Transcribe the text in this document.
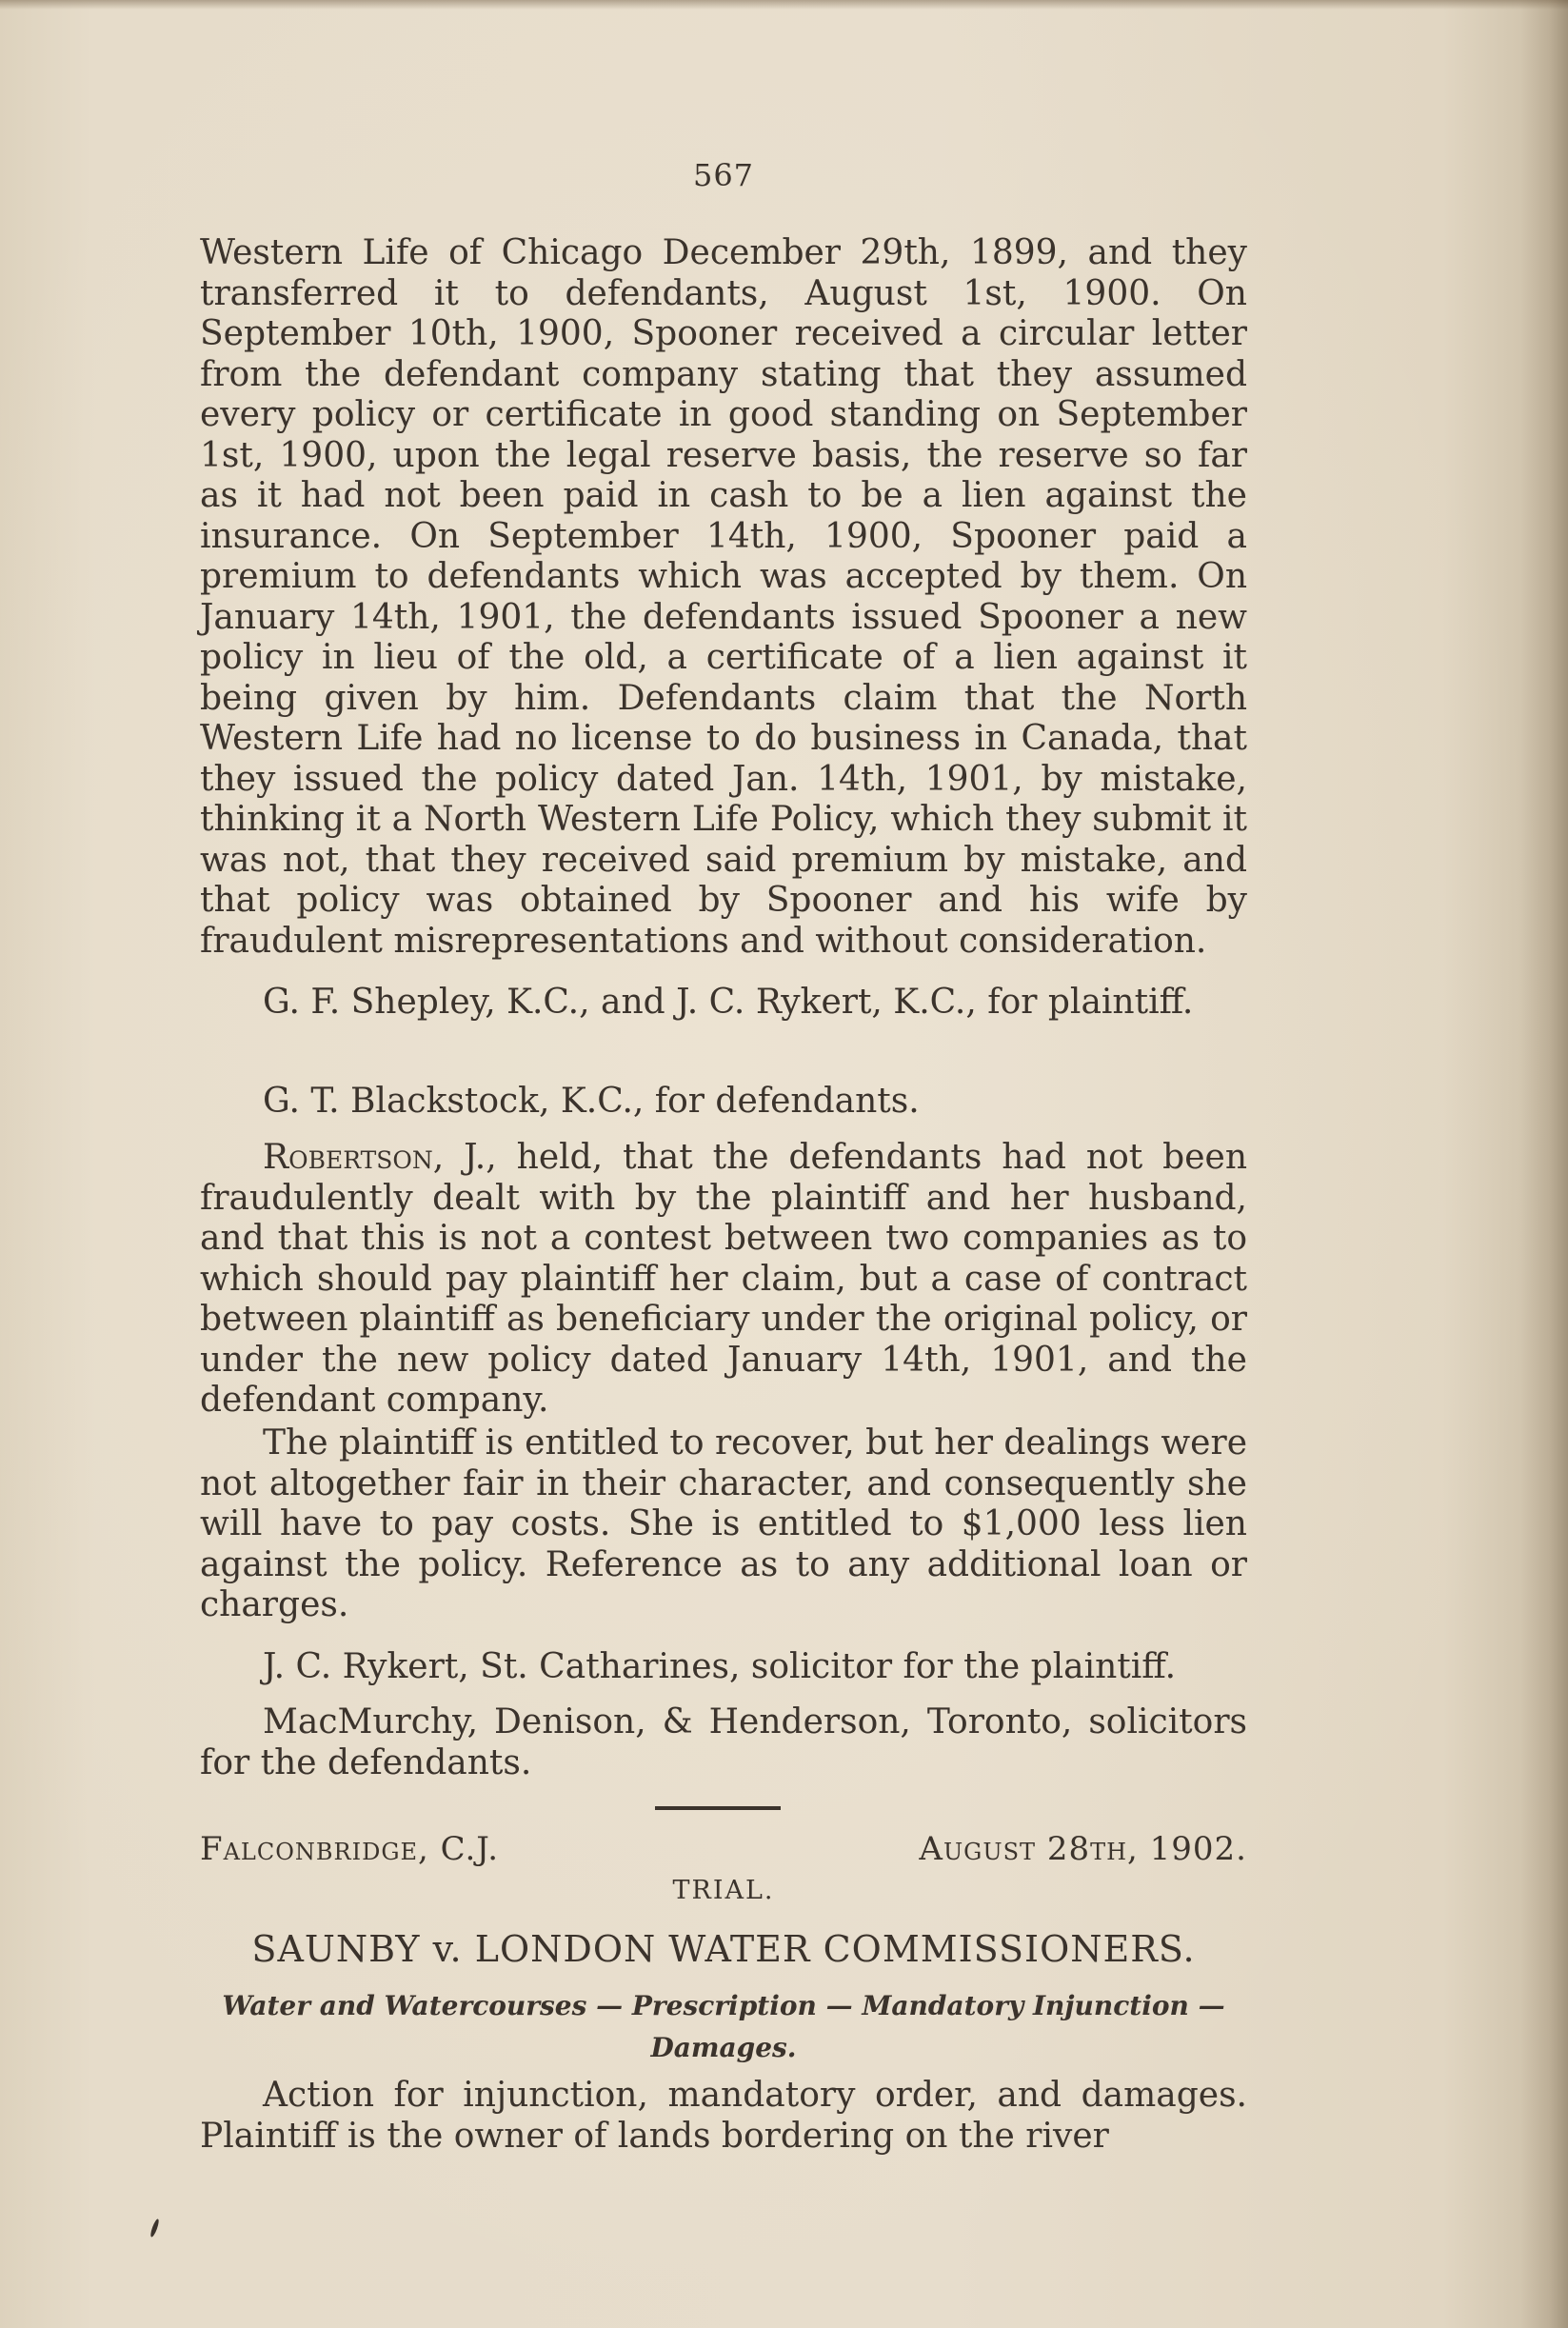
567

Western Life of Chicago December 29th, 1899, and they transferred it to defendants, August 1st, 1900. On September 10th, 1900, Spooner received a circular letter from the defendant company stating that they assumed every policy or certificate in good standing on September 1st, 1900, upon the legal reserve basis, the reserve so far as it had not been paid in cash to be a lien against the insurance. On September 14th, 1900, Spooner paid a premium to defendants which was accepted by them. On January 14th, 1901, the defendants issued Spooner a new policy in lieu of the old, a certificate of a lien against it being given by him. Defendants claim that the North Western Life had no license to do business in Canada, that they issued the policy dated Jan. 14th, 1901, by mistake, thinking it a North Western Life Policy, which they submit it was not, that they received said premium by mistake, and that policy was obtained by Spooner and his wife by fraudulent misrepresentations and without consideration.

G. F. Shepley, K.C., and J. C. Rykert, K.C., for plaintiff.

G. T. Blackstock, K.C., for defendants.

Robertson, J., held, that the defendants had not been fraudulently dealt with by the plaintiff and her husband, and that this is not a contest between two companies as to which should pay plaintiff her claim, but a case of contract between plaintiff as beneficiary under the original policy, or under the new policy dated January 14th, 1901, and the defendant company.

The plaintiff is entitled to recover, but her dealings were not altogether fair in their character, and consequently she will have to pay costs. She is entitled to $1,000 less lien against the policy. Reference as to any additional loan or charges.

J. C. Rykert, St. Catharines, solicitor for the plaintiff.

MacMurchy, Denison, & Henderson, Toronto, solicitors for the defendants.

Falconbridge, C.J.	August 28th, 1902.
TRIAL.
SAUNBY v. LONDON WATER COMMISSIONERS.
Water and Watercourses — Prescription — Mandatory Injunction — Damages.

Action for injunction, mandatory order, and damages. Plaintiff is the owner of lands bordering on the river
